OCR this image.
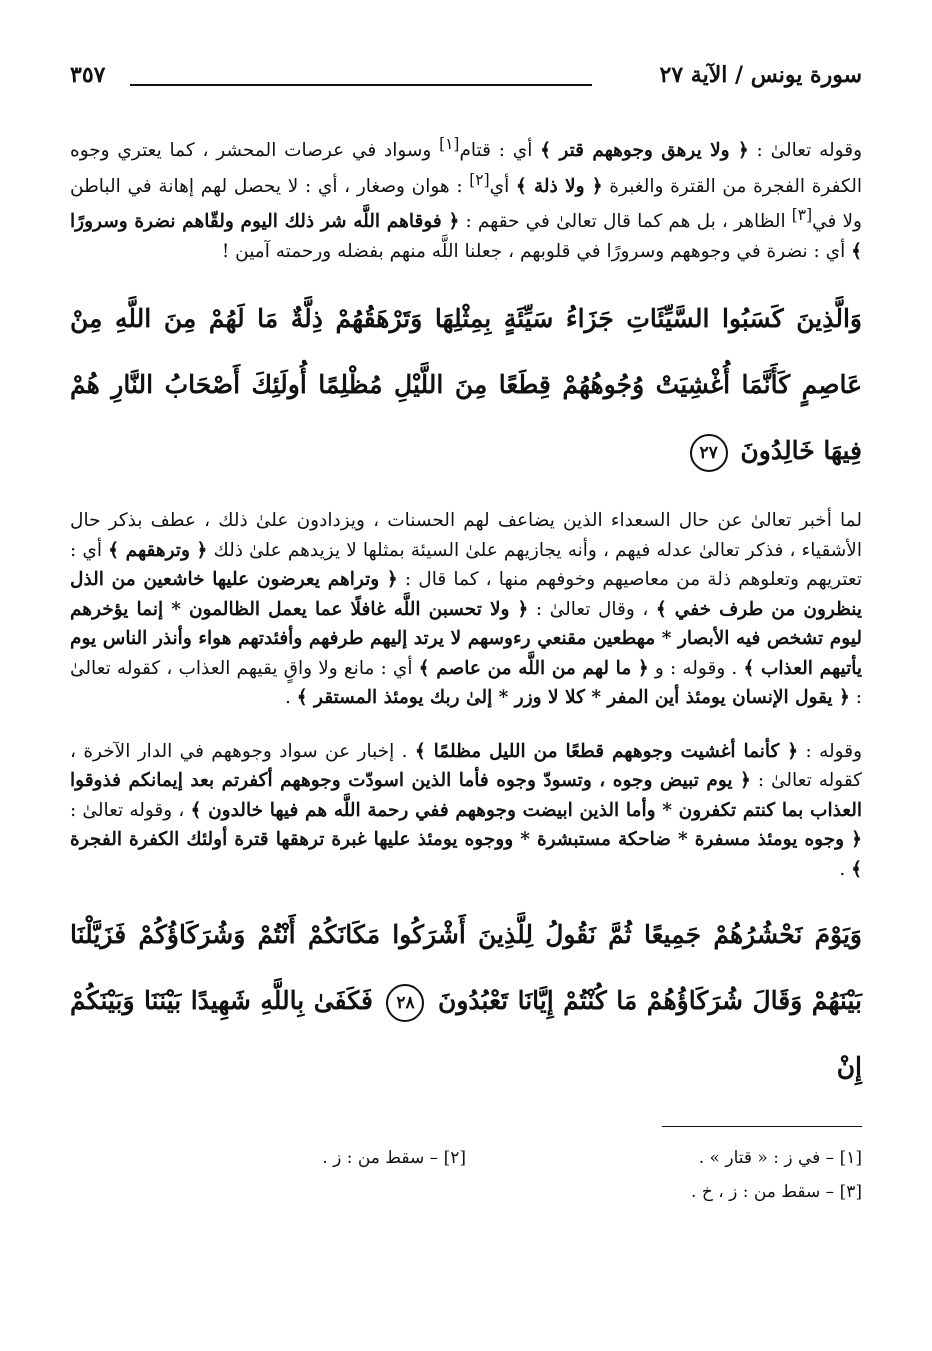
سورة يونس / الآية ٢٧
٣٥٧

وقوله تعالىٰ : ﴿ ولا يرهق وجوههم قتر ﴾ أي : قتام[١] وسواد في عرصات المحشر ، كما يعتري وجوه الكفرة الفجرة من القترة والغبرة ﴿ ولا ذلة ﴾ أي[٢] : هوان وصغار ، أي : لا يحصل لهم إهانة في الباطن ولا في[٣] الظاهر ، بل هم كما قال تعالىٰ في حقهم : ﴿ فوقاهم اللَّه شر ذلك اليوم ولقّاهم نضرة وسرورًا ﴾ أي : نضرة في وجوههم وسرورًا في قلوبهم ، جعلنا اللَّه منهم بفضله ورحمته آمين !

وَالَّذِينَ كَسَبُوا السَّيِّئَاتِ جَزَاءُ سَيِّئَةٍ بِمِثْلِهَا وَتَرْهَقُهُمْ ذِلَّةٌ مَا لَهُمْ مِنَ اللَّهِ مِنْ عَاصِمٍ كَأَنَّمَا أُغْشِيَتْ وُجُوهُهُمْ قِطَعًا مِنَ اللَّيْلِ مُظْلِمًا أُولَئِكَ أَصْحَابُ النَّارِ هُمْ فِيهَا خَالِدُونَ ٢٧

لما أخبر تعالىٰ عن حال السعداء الذين يضاعف لهم الحسنات ، ويزدادون علىٰ ذلك ، عطف بذكر حال الأشقياء ، فذكر تعالىٰ عدله فيهم ، وأنه يجازيهم علىٰ السيئة بمثلها لا يزيدهم علىٰ ذلك ﴿ وترهقهم ﴾ أي : تعتريهم وتعلوهم ذلة من معاصيهم وخوفهم منها ، كما قال : ﴿ وتراهم يعرضون عليها خاشعين من الذل ينظرون من طرف خفي ﴾ ، وقال تعالىٰ : ﴿ ولا تحسبن اللَّه غافلًا عما يعمل الظالمون * إنما يؤخرهم ليوم تشخص فيه الأبصار * مهطعين مقنعي رءوسهم لا يرتد إليهم طرفهم وأفئدتهم هواء وأنذر الناس يوم يأتيهم العذاب ﴾ . وقوله : و ﴿ ما لهم من اللَّه من عاصم ﴾ أي : مانع ولا واقٍ يقيهم العذاب ، كقوله تعالىٰ : ﴿ يقول الإنسان يومئذ أين المفر * كلا لا وزر * إلىٰ ربك يومئذ المستقر ﴾ .

وقوله : ﴿ كأنما أغشيت وجوههم قطعًا من الليل مظلمًا ﴾ . إخبار عن سواد وجوههم في الدار الآخرة ، كقوله تعالىٰ : ﴿ يوم تبيض وجوه ، وتسودّ وجوه فأما الذين اسودّت وجوههم أكفرتم بعد إيمانكم فذوقوا العذاب بما كنتم تكفرون * وأما الذين ابيضت وجوههم ففي رحمة اللَّه هم فيها خالدون ﴾ ، وقوله تعالىٰ : ﴿ وجوه يومئذ مسفرة * ضاحكة مستبشرة * ووجوه يومئذ عليها غبرة ترهقها قترة أولئك الكفرة الفجرة ﴾ .

وَيَوْمَ نَحْشُرُهُمْ جَمِيعًا ثُمَّ نَقُولُ لِلَّذِينَ أَشْرَكُوا مَكَانَكُمْ أَنْتُمْ وَشُرَكَاؤُكُمْ فَزَيَّلْنَا بَيْنَهُمْ وَقَالَ شُرَكَاؤُهُمْ مَا كُنْتُمْ إِيَّانَا تَعْبُدُونَ ٢٨ فَكَفَىٰ بِاللَّهِ شَهِيدًا بَيْنَنَا وَبَيْنَكُمْ إِنْ

[١] – في ز : « قتار » .
[٢] – سقط من : ز .
[٣] – سقط من : ز ، خ .
